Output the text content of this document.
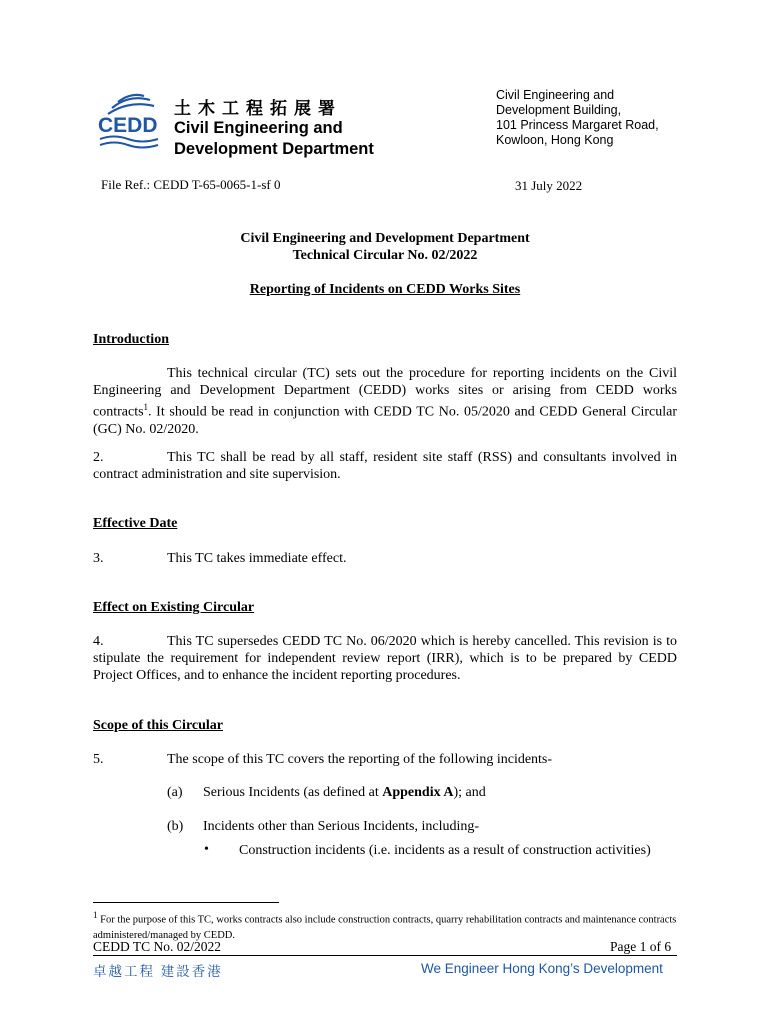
CEDD
土木工程拓展署
Civil Engineering and
Development Department
Civil Engineering and
Development Building,
101 Princess Margaret Road,
Kowloon, Hong Kong
File Ref.: CEDD T-65-0065-1-sf 0	31 July 2022
Civil Engineering and Development Department
Technical Circular No. 02/2022
Reporting of Incidents on CEDD Works Sites
Introduction
This technical circular (TC) sets out the procedure for reporting incidents on the Civil Engineering and Development Department (CEDD) works sites or arising from CEDD works contracts$^1$. It should be read in conjunction with CEDD TC No. 05/2020 and CEDD General Circular (GC) No. 02/2020.
2.	This TC shall be read by all staff, resident site staff (RSS) and consultants involved in contract administration and site supervision.
Effective Date
3.	This TC takes immediate effect.
Effect on Existing Circular
4.	This TC supersedes CEDD TC No. 06/2020 which is hereby cancelled. This revision is to stipulate the requirement for independent review report (IRR), which is to be prepared by CEDD Project Offices, and to enhance the incident reporting procedures.
Scope of this Circular
5.	The scope of this TC covers the reporting of the following incidents-
(a) Serious Incidents (as defined at Appendix A); and
(b) Incidents other than Serious Incidents, including-
• Construction incidents (i.e. incidents as a result of construction activities)
$^1$ For the purpose of this TC, works contracts also include construction contracts, quarry rehabilitation contracts and maintenance contracts administered/managed by CEDD.
CEDD TC No. 02/2022	Page 1 of 6
卓越工程 建設香港	We Engineer Hong Kong’s Development
